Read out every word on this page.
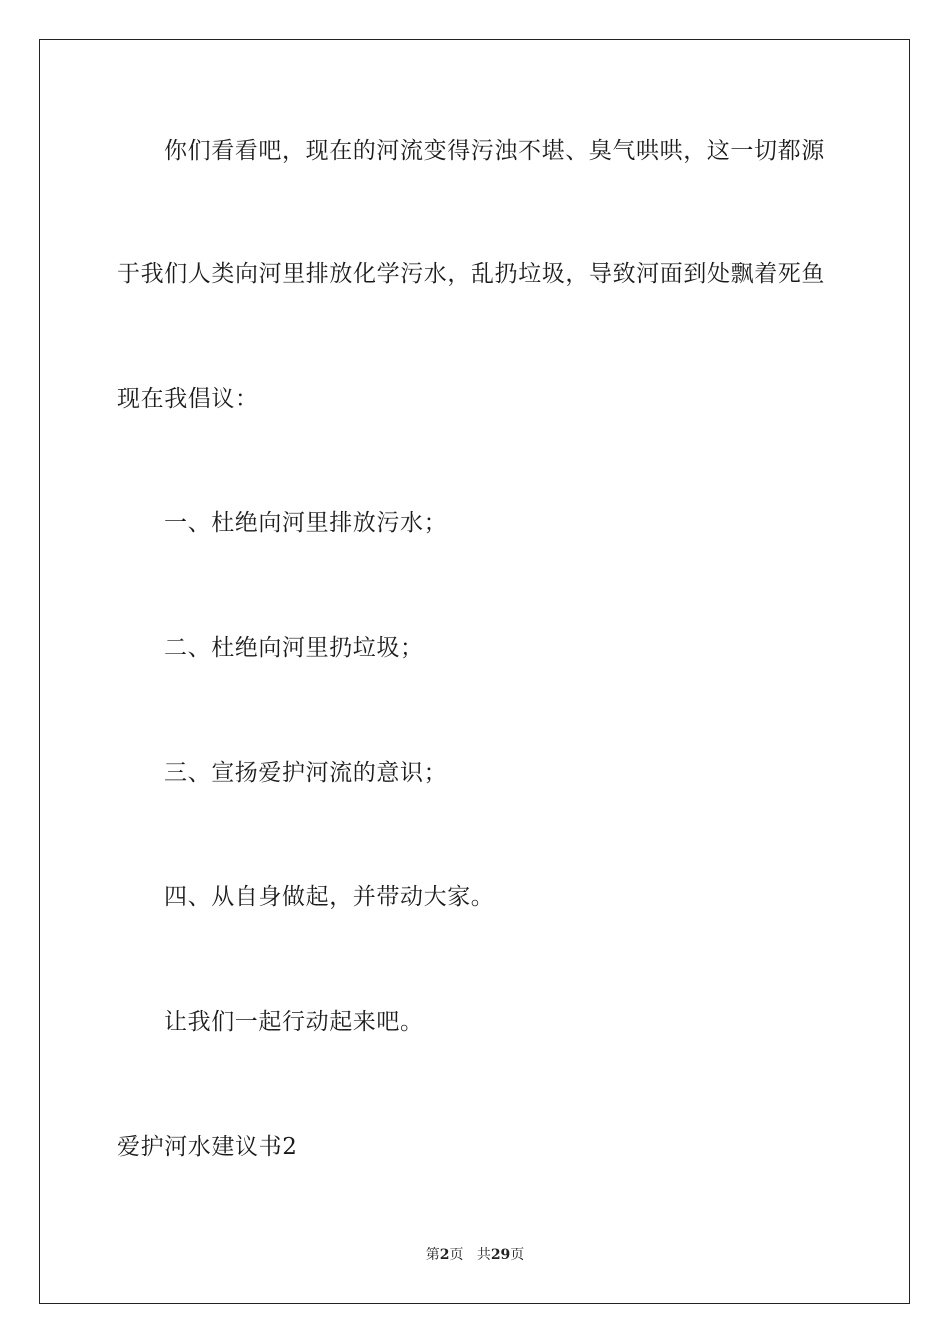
你们看看吧，现在的河流变得污浊不堪、臭气哄哄，这一切都源
于我们人类向河里排放化学污水，乱扔垃圾，导致河面到处飘着死鱼
现在我倡议：
一、杜绝向河里排放污水；
二、杜绝向河里扔垃圾；
三、宣扬爱护河流的意识；
四、从自身做起，并带动大家。
让我们一起行动起来吧。
爱护河水建议书2
第2页 共29页
